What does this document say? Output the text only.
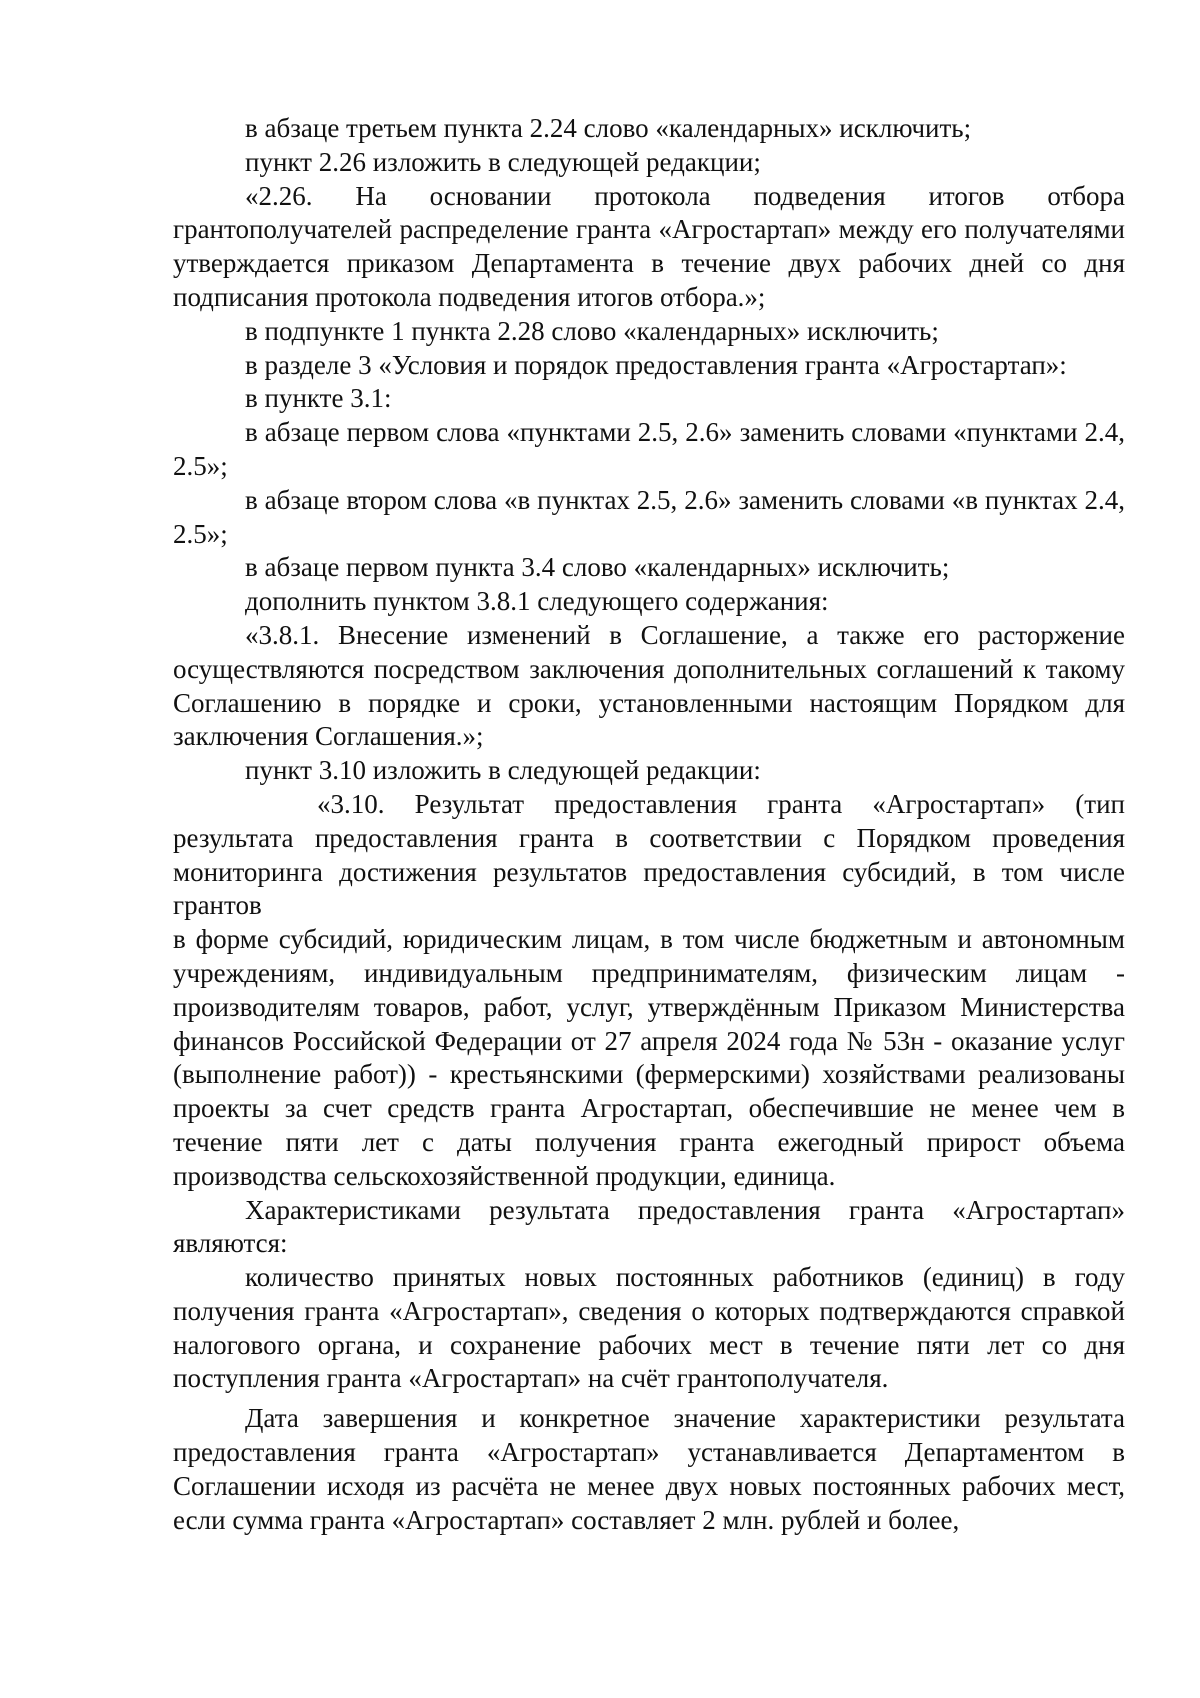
в абзаце третьем пункта 2.24 слово «календарных» исключить;

пункт 2.26 изложить в следующей редакции;

«2.26. На основании протокола подведения итогов отбора грантополучателей распределение гранта «Агростартап» между его получателями утверждается приказом Департамента в течение двух рабочих дней со дня подписания протокола подведения итогов отбора.»;

в подпункте 1 пункта 2.28 слово «календарных» исключить;

в разделе 3 «Условия и порядок предоставления гранта «Агростартап»:

в пункте 3.1:

в абзаце первом слова «пунктами 2.5, 2.6» заменить словами «пунктами 2.4, 2.5»;

в абзаце втором слова «в пунктах 2.5, 2.6» заменить словами «в пунктах 2.4, 2.5»;

в абзаце первом пункта 3.4 слово «календарных» исключить;

дополнить пунктом 3.8.1 следующего содержания:

«3.8.1. Внесение изменений в Соглашение, а также его расторжение осуществляются посредством заключения дополнительных соглашений к такому Соглашению в порядке и сроки, установленными настоящим Порядком для заключения Соглашения.»;

пункт 3.10 изложить в следующей редакции:

«3.10. Результат предоставления гранта «Агростартап» (тип результата предоставления гранта в соответствии с Порядком проведения мониторинга достижения результатов предоставления субсидий, в том числе грантов

в форме субсидий, юридическим лицам, в том числе бюджетным и автономным учреждениям, индивидуальным предпринимателям, физическим лицам - производителям товаров, работ, услуг, утверждённым Приказом Министерства финансов Российской Федерации от 27 апреля 2024 года № 53н - оказание услуг (выполнение работ)) - крестьянскими (фермерскими) хозяйствами реализованы проекты за счет средств гранта Агростартап, обеспечившие не менее чем в течение пяти лет с даты получения гранта ежегодный прирост объема производства сельскохозяйственной продукции, единица.

Характеристиками результата предоставления гранта «Агростартап» являются:

количество принятых новых постоянных работников (единиц) в году получения гранта «Агростартап», сведения о которых подтверждаются справкой налогового органа, и сохранение рабочих мест в течение пяти лет со дня поступления гранта «Агростартап» на счёт грантополучателя.

Дата завершения и конкретное значение характеристики результата предоставления гранта «Агростартап» устанавливается Департаментом в Соглашении исходя из расчёта не менее двух новых постоянных рабочих мест, если сумма гранта «Агростартап» составляет 2 млн. рублей и более,
